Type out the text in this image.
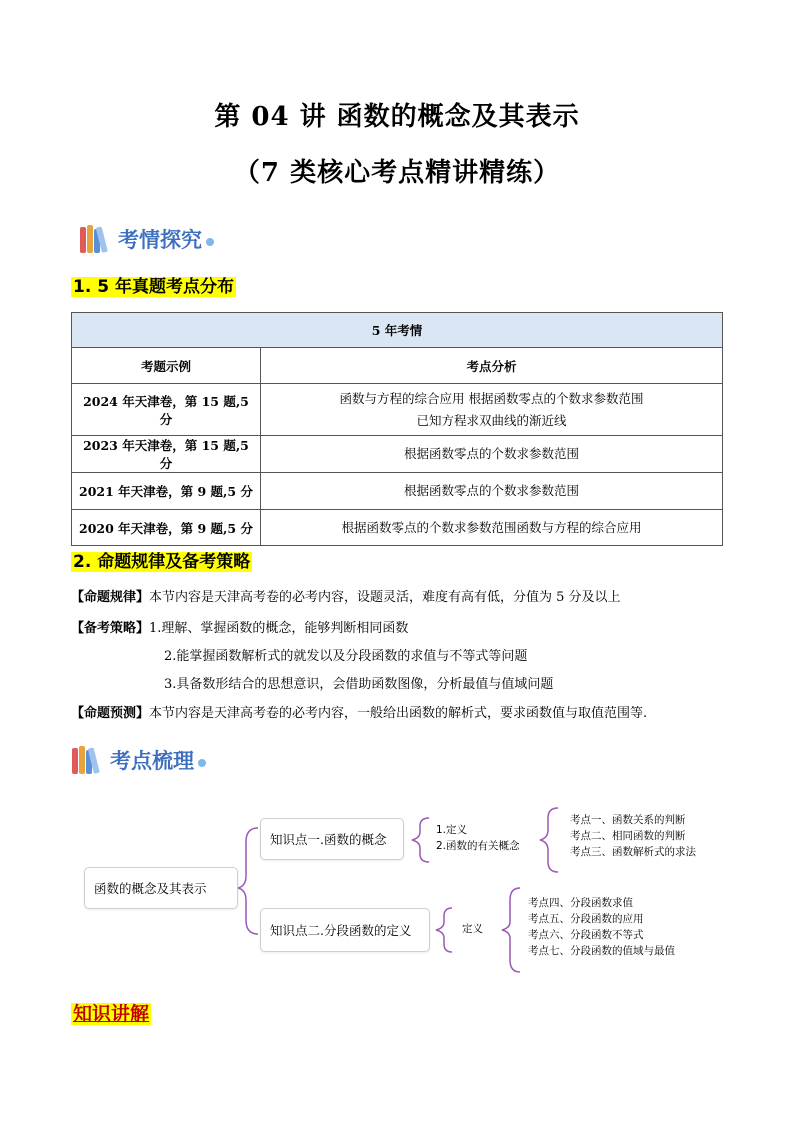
第 04 讲 函数的概念及其表示
（7 类核心考点精讲精练）
考情探究
1. 5 年真题考点分布
5 年考情	
考题示例	考点分析
2024 年天津卷，第 15 题,5 分	函数与方程的综合应用 根据函数零点的个数求参数范围
已知方程求双曲线的渐近线

2023 年天津卷，第 15 题,5 分	根据函数零点的个数求参数范围
2021 年天津卷，第 9 题,5 分	根据函数零点的个数求参数范围
2020 年天津卷，第 9 题,5 分	根据函数零点的个数求参数范围函数与方程的综合应用
2. 命题规律及备考策略
【命题规律】本节内容是天津高考卷的必考内容，设题灵活，难度有高有低，分值为 5 分及以上
【备考策略】1.理解、掌握函数的概念，能够判断相同函数
2.能掌握函数解析式的就发以及分段函数的求值与不等式等问题
3.具备数形结合的思想意识，会借助函数图像，分析最值与值域问题
【命题预测】本节内容是天津高考卷的必考内容，一般给出函数的解析式，要求函数值与取值范围等.
考点梳理
函数的概念及其表示
知识点一.函数的概念
知识点二.分段函数的定义
1.定义
2.函数的有关概念
考点一、函数关系的判断
考点二、相同函数的判断
考点三、函数解析式的求法
定义
考点四、分段函数求值
考点五、分段函数的应用
考点六、分段函数不等式
考点七、分段函数的值域与最值
知识讲解
